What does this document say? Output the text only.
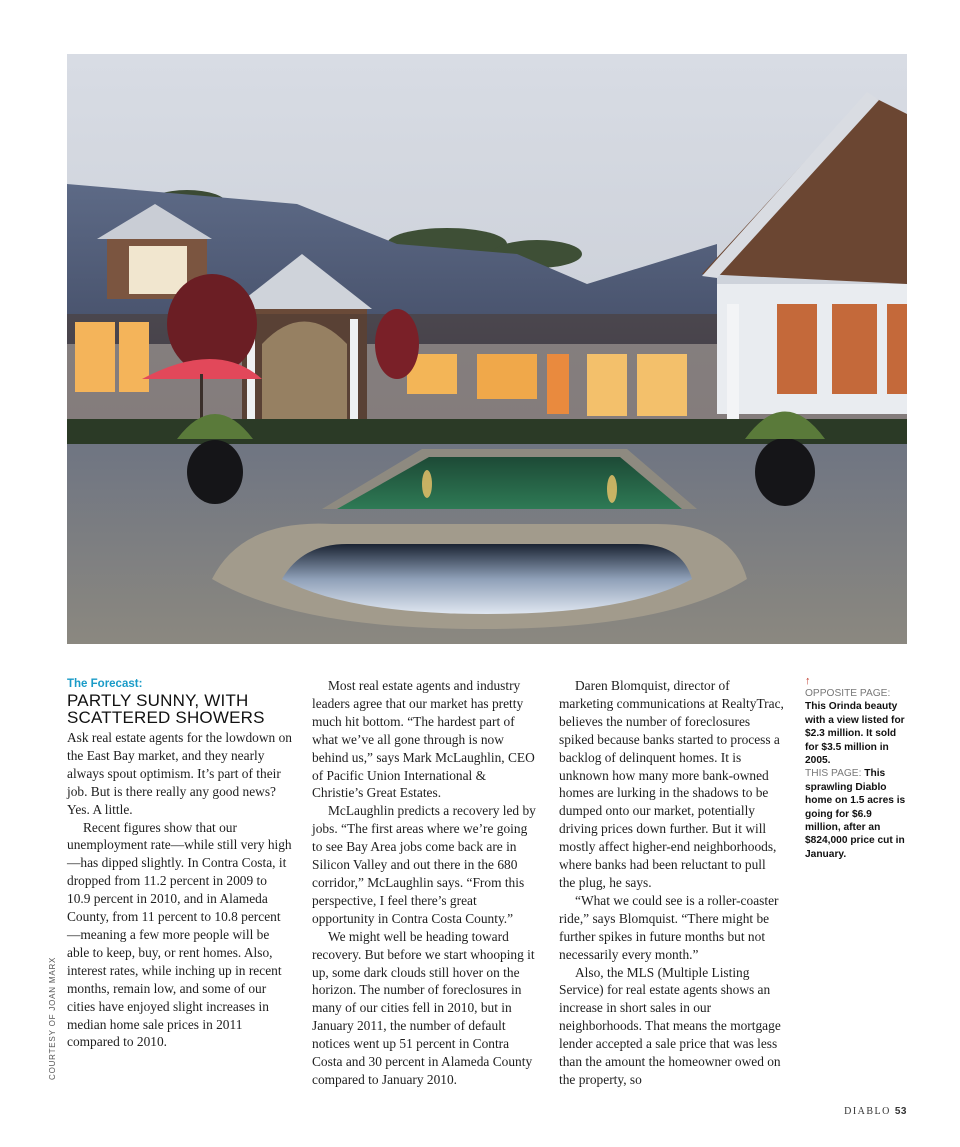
COURTESY OF JOAN MARX
The Forecast:
PARTLY SUNNY, WITH SCATTERED SHOWERS

Ask real estate agents for the lowdown on the East Bay market, and they nearly always spout optimism. It’s part of their job. But is there really any good news? Yes. A little.

Recent figures show that our unemployment rate—while still very high—has dipped slightly. In Contra Costa, it dropped from 11.2 percent in 2009 to 10.9 percent in 2010, and in Alameda County, from 11 percent to 10.8 percent—meaning a few more people will be able to keep, buy, or rent homes. Also, interest rates, while inching up in recent months, remain low, and some of our cities have enjoyed slight increases in median home sale prices in 2011 compared to 2010.

Most real estate agents and industry leaders agree that our market has pretty much hit bottom. “The hardest part of what we’ve all gone through is now behind us,” says Mark McLaughlin, CEO of Pacific Union International & Christie’s Great Estates.

McLaughlin predicts a recovery led by jobs. “The first areas where we’re going to see Bay Area jobs come back are in Silicon Valley and out there in the 680 corridor,” McLaughlin says. “From this perspective, I feel there’s great opportunity in Contra Costa County.”

We might well be heading toward recovery. But before we start whooping it up, some dark clouds still hover on the horizon. The number of foreclosures in many of our cities fell in 2010, but in January 2011, the number of default notices went up 51 percent in Contra Costa and 30 percent in Alameda County compared to January 2010.

Daren Blomquist, director of marketing communications at RealtyTrac, believes the number of foreclosures spiked because banks started to process a backlog of delinquent homes. It is unknown how many more bank-owned homes are lurking in the shadows to be dumped onto our market, potentially driving prices down further. But it will mostly affect higher-end neighborhoods, where banks had been reluctant to pull the plug, he says.

“What we could see is a roller-coaster ride,” says Blomquist. “There might be further spikes in future months but not necessarily every month.”

Also, the MLS (Multiple Listing Service) for real estate agents shows an increase in short sales in our neighborhoods. That means the mortgage lender accepted a sale price that was less than the amount the homeowner owed on the property, so

↑
OPPOSITE PAGE:
This Orinda beauty with a view listed for $2.3 million. It sold for $3.5 million in 2005.
THIS PAGE: This sprawling Diablo home on 1.5 acres is going for $6.9 million, after an $824,000 price cut in January.
DIABLO 53
